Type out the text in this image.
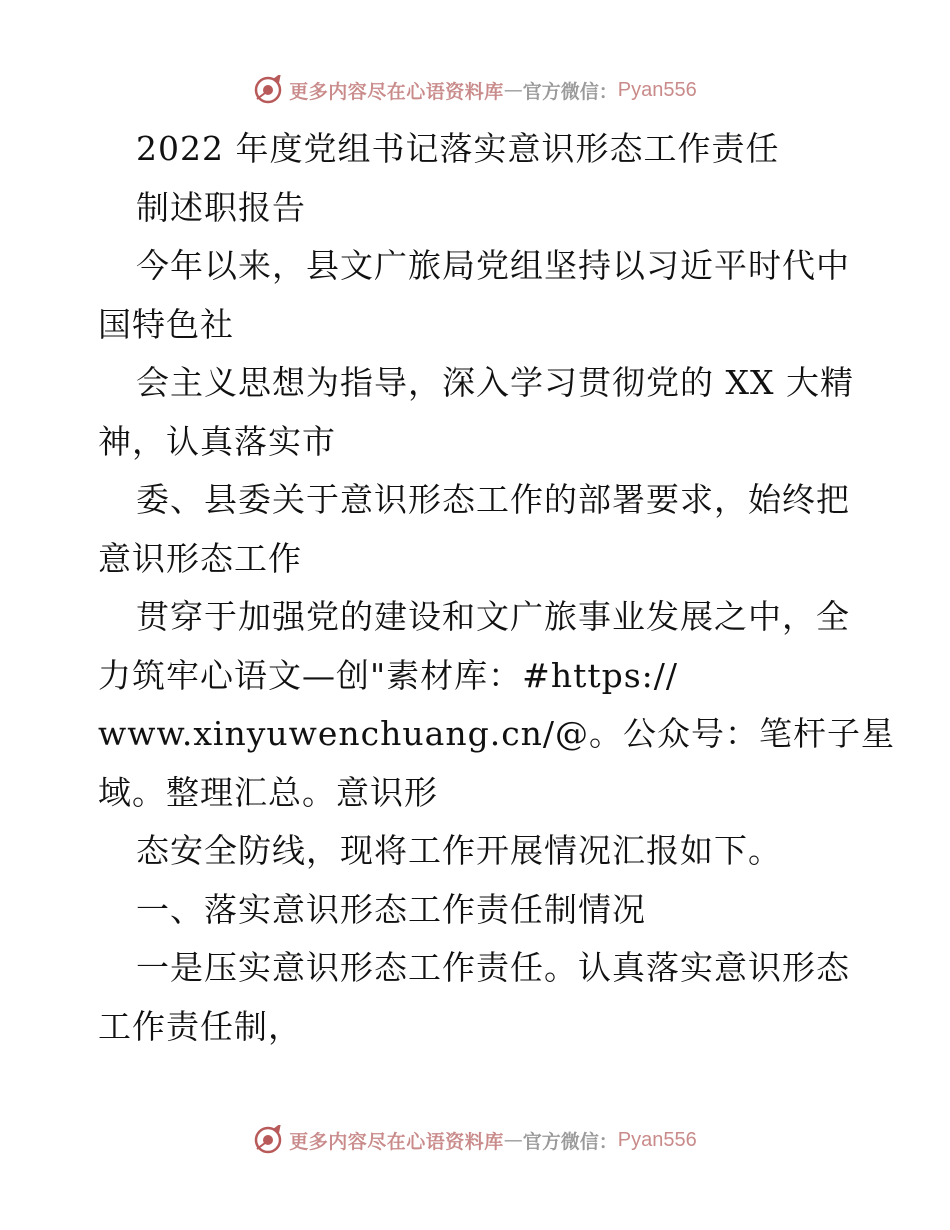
更多内容尽在心语资料库 — 官方微信： Pyan556
2022 年度党组书记落实意识形态工作责任
制述职报告
今年以来，县文广旅局党组坚持以习近平时代中
国特色社
会主义思想为指导，深入学习贯彻党的 XX 大精
神，认真落实市
委、县委关于意识形态工作的部署要求，始终把
意识形态工作
贯穿于加强党的建设和文广旅事业发展之中，全
力筑牢心语文—创"素材库：#https://
www.xinyuwenchuang.cn/@。公众号：笔杆子星
域。整理汇总。意识形
态安全防线，现将工作开展情况汇报如下。
一、落实意识形态工作责任制情况
一是压实意识形态工作责任。认真落实意识形态
工作责任制，
更多内容尽在心语资料库 — 官方微信： Pyan556
